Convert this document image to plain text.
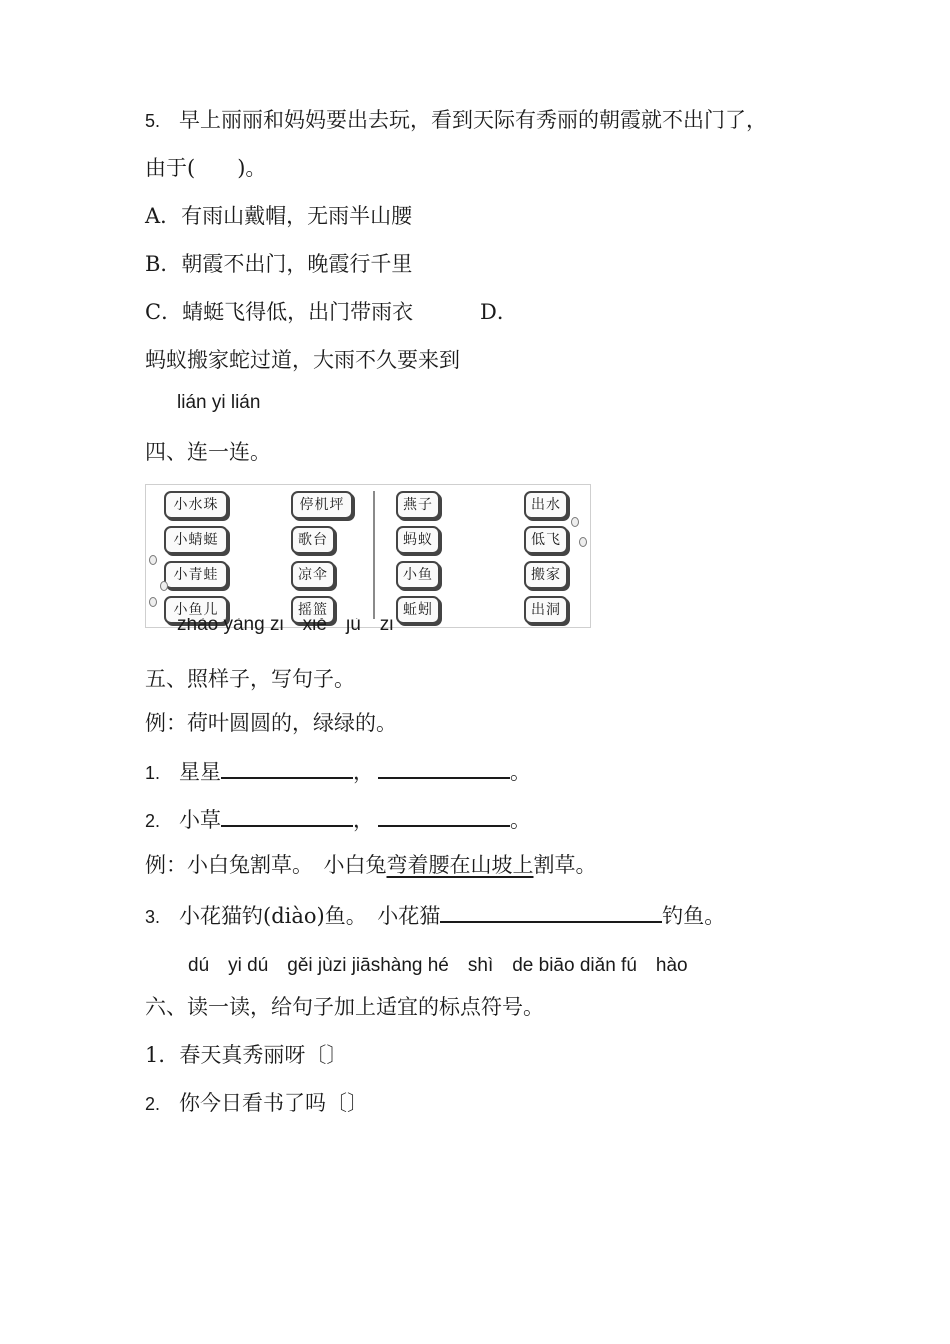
5. 早上丽丽和妈妈要出去玩，看到天际有秀丽的朝霞就不出门了，
由于(　　)。
A．有雨山戴帽，无雨半山腰
B．朝霞不出门，晚霞行千里
C．蜻蜓飞得低，出门带雨衣	D．
蚂蚁搬家蛇过道，大雨不久要来到
lián yi lián
四、连一连。
小水珠
小蜻蜓
小青蛙
小鱼儿
停机坪
歌台
凉伞
摇篮
燕子
蚂蚁
小鱼
蚯蚓
出水
低飞
搬家
出洞
zhào yàng zi　xiě　jù　zi
五、照样子，写句子。
例：荷叶圆圆的，绿绿的。
1. 星星	，	。
2. 小草	，	。
例：小白兔割草。　小白兔弯着腰在山坡上割草。
3. 小花猫钓(diào)鱼。　小花猫	钓鱼。
dú　yi dú　gěi jùzi jiāshàng hé　shì　de biāo diǎn fú　hào
六、读一读，给句子加上适宜的标点符号。
1．春天真秀丽呀〔〕
2. 你今日看书了吗〔〕
